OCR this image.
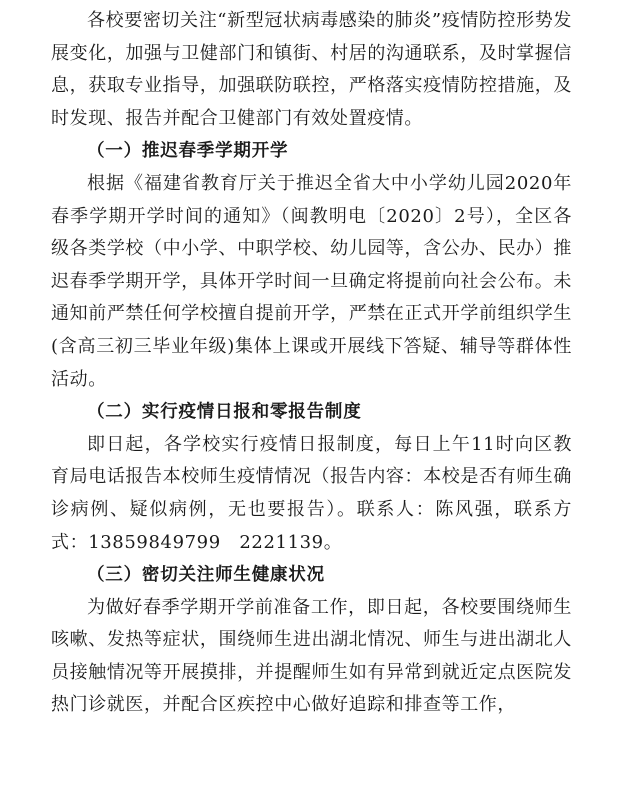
各校要密切关注“新型冠状病毒感染的肺炎”疫情防控形势发展变化，加强与卫健部门和镇街、村居的沟通联系，及时掌握信息，获取专业指导，加强联防联控，严格落实疫情防控措施，及时发现、报告并配合卫健部门有效处置疫情。

（一）推迟春季学期开学

根据《福建省教育厅关于推迟全省大中小学幼儿园2020年春季学期开学时间的通知》（闽教明电〔2020〕2号），全区各级各类学校（中小学、中职学校、幼儿园等，含公办、民办）推迟春季学期开学，具体开学时间一旦确定将提前向社会公布。未通知前严禁任何学校擅自提前开学，严禁在正式开学前组织学生(含高三初三毕业年级)集体上课或开展线下答疑、辅导等群体性活动。

（二）实行疫情日报和零报告制度

即日起，各学校实行疫情日报制度，每日上午11时向区教育局电话报告本校师生疫情情况（报告内容：本校是否有师生确诊病例、疑似病例，无也要报告）。联系人：陈风强，联系方式：13859849799　2221139。

（三）密切关注师生健康状况

为做好春季学期开学前准备工作，即日起，各校要围绕师生咳嗽、发热等症状，围绕师生进出湖北情况、师生与进出湖北人员接触情况等开展摸排，并提醒师生如有异常到就近定点医院发热门诊就医，并配合区疾控中心做好追踪和排查等工作，
